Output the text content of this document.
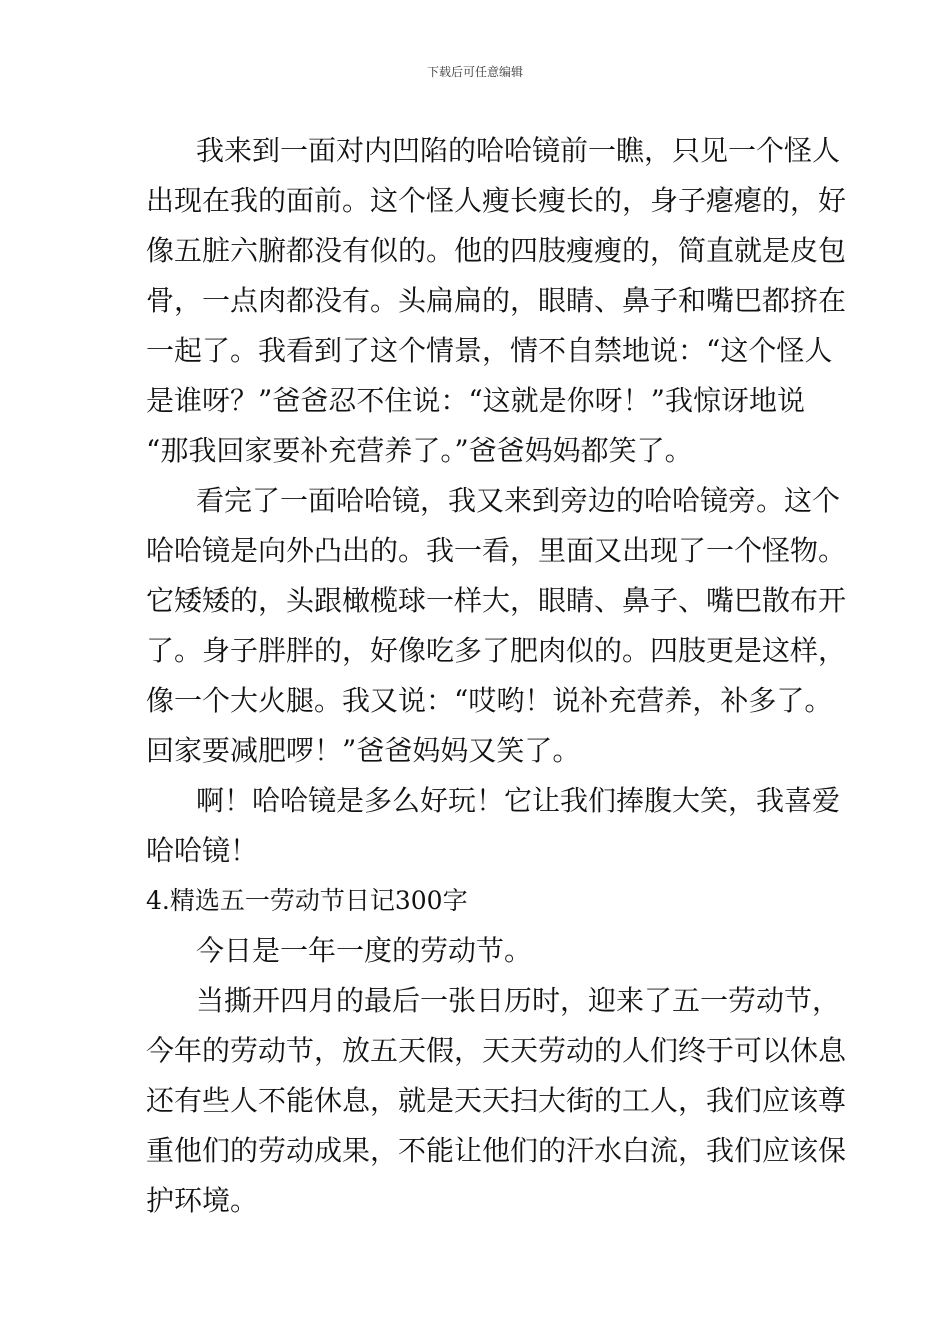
下载后可任意编辑

我来到一面对内凹陷的哈哈镜前一瞧，只见一个怪人

出现在我的面前。这个怪人瘦长瘦长的，身子瘪瘪的，好

像五脏六腑都没有似的。他的四肢瘦瘦的，简直就是皮包

骨，一点肉都没有。头扁扁的，眼睛、鼻子和嘴巴都挤在

一起了。我看到了这个情景，情不自禁地说：“这个怪人

是谁呀？”爸爸忍不住说：“这就是你呀！”我惊讶地说

“那我回家要补充营养了。”爸爸妈妈都笑了。

看完了一面哈哈镜，我又来到旁边的哈哈镜旁。这个

哈哈镜是向外凸出的。我一看，里面又出现了一个怪物。

它矮矮的，头跟橄榄球一样大，眼睛、鼻子、嘴巴散布开

了。身子胖胖的，好像吃多了肥肉似的。四肢更是这样，

像一个大火腿。我又说：“哎哟！说补充营养，补多了。

回家要减肥啰！”爸爸妈妈又笑了。

啊！哈哈镜是多么好玩！它让我们捧腹大笑，我喜爱

哈哈镜！

4.精选五一劳动节日记300字

今日是一年一度的劳动节。

当撕开四月的最后一张日历时，迎来了五一劳动节，

今年的劳动节，放五天假，天天劳动的人们终于可以休息

还有些人不能休息，就是天天扫大街的工人，我们应该尊

重他们的劳动成果，不能让他们的汗水白流，我们应该保

护环境。
